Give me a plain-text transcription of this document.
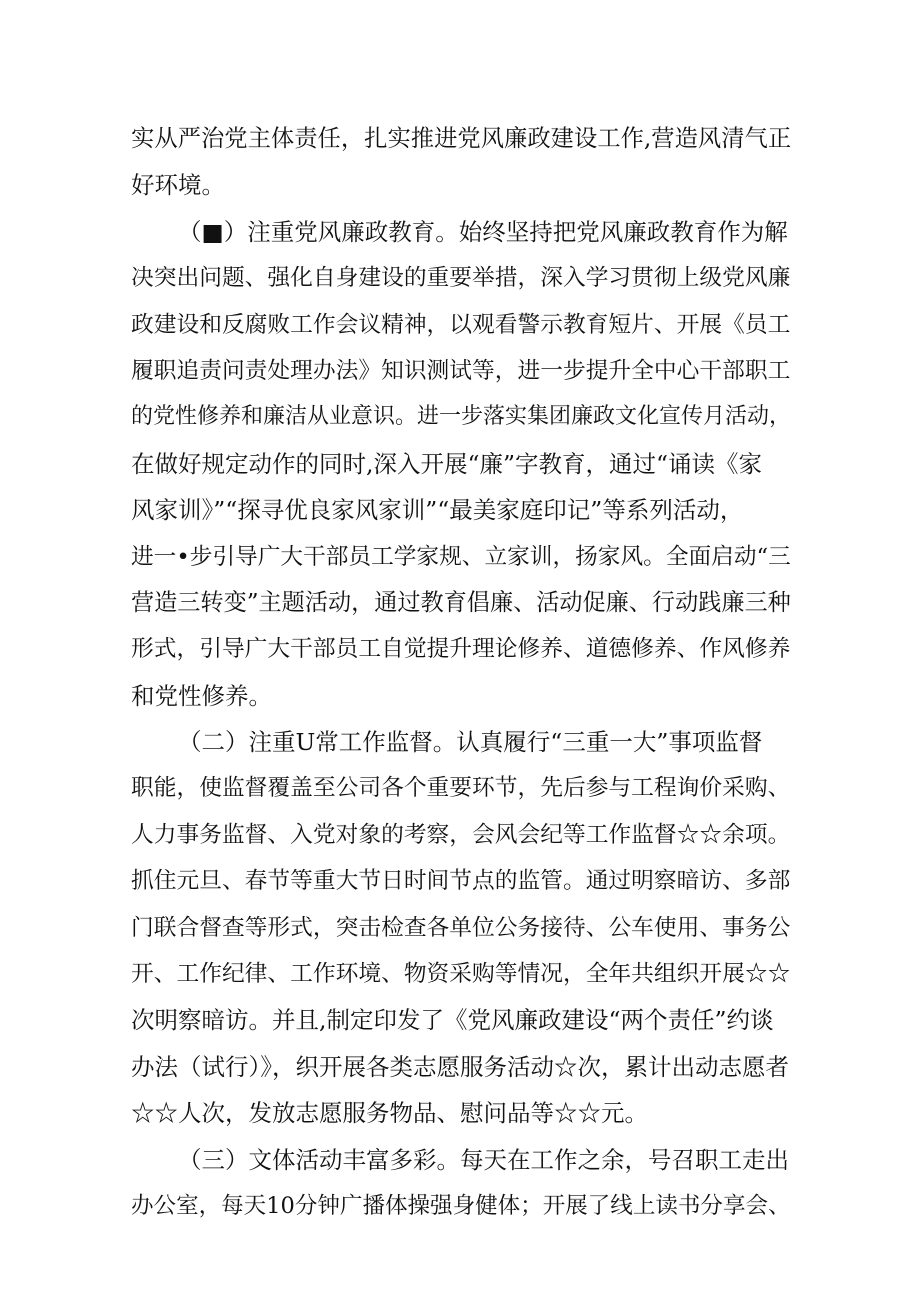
实从严治党主体责任，扎实推进党风廉政建设工作,营造风清气正
好环境。
（■）注重党风廉政教育。始终坚持把党风廉政教育作为解
决突出问题、强化自身建设的重要举措，深入学习贯彻上级党风廉
政建设和反腐败工作会议精神，以观看警示教育短片、开展《员工
履职追责问责处理办法》知识测试等，进一步提升全中心干部职工
的党性修养和廉洁从业意识。进一步落实集团廉政文化宣传月活动，
在做好规定动作的同时,深入开展“廉”字教育，通过“诵读《家
风家训》”“探寻优良家风家训”“最美家庭印记”等系列活动，
进一•步引导广大干部员工学家规、立家训，扬家风。全面启动“三
营造三转变”主题活动，通过教育倡廉、活动促廉、行动践廉三种
形式，引导广大干部员工自觉提升理论修养、道德修养、作风修养
和党性修养。
（二）注重U常工作监督。认真履行“三重一大”事项监督
职能，使监督覆盖至公司各个重要环节，先后参与工程询价采购、
人力事务监督、入党对象的考察，会风会纪等工作监督☆☆余项。
抓住元旦、春节等重大节日时间节点的监管。通过明察暗访、多部
门联合督查等形式，突击检查各单位公务接待、公车使用、事务公
开、工作纪律、工作环境、物资采购等情况，全年共组织开展☆☆
次明察暗访。并且,制定印发了《党风廉政建设“两个责任”约谈
办法（试行）》，织开展各类志愿服务活动☆次，累计出动志愿者
☆☆人次，发放志愿服务物品、慰问品等☆☆元。
（三）文体活动丰富多彩。每天在工作之余，号召职工走出
办公室，每天10分钟广播体操强身健体；开展了线上读书分享会、
